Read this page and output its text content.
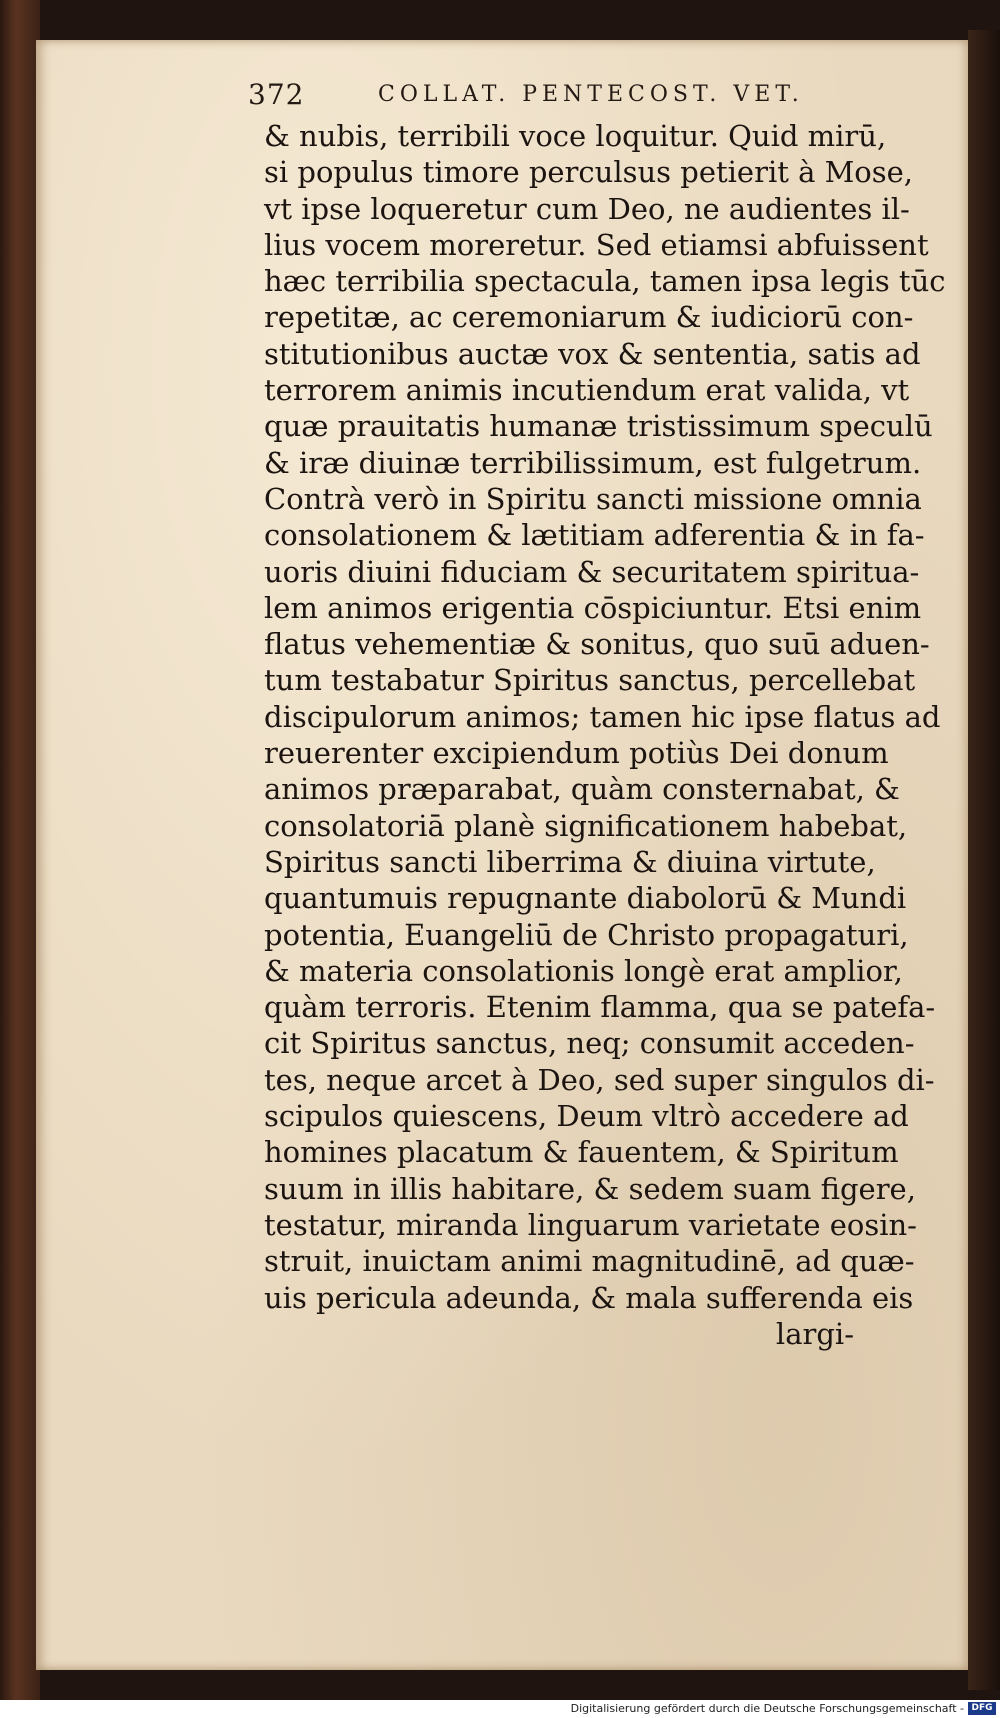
372	COLLAT. PENTECOST. VET.
& nubis, terribili voce loquitur. Quid mirū,
si populus timore perculsus petierit à Mose,
vt ipse loqueretur cum Deo, ne audientes il-
lius vocem moreretur. Sed etiamsi abfuissent
hæc terribilia spectacula, tamen ipsa legis tūc
repetitæ, ac ceremoniarum & iudiciorū con-
stitutionibus auctæ vox & sententia, satis ad
terrorem animis incutiendum erat valida, vt
quæ prauitatis humanæ tristissimum speculū
& iræ diuinæ terribilissimum, est fulgetrum.
Contrà verò in Spiritu sancti missione omnia
consolationem & lætitiam adferentia & in fa-
uoris diuini fiduciam & securitatem spiritua-
lem animos erigentia cōspiciuntur. Etsi enim
flatus vehementiæ & sonitus, quo suū aduen-
tum testabatur Spiritus sanctus, percellebat
discipulorum animos; tamen hic ipse flatus ad
reuerenter excipiendum potiùs Dei donum
animos præparabat, quàm consternabat, &
consolatoriā planè significationem habebat,
Spiritus sancti liberrima & diuina virtute,
quantumuis repugnante diabolorū & Mundi
potentia, Euangeliū de Christo propagaturi,
& materia consolationis longè erat amplior,
quàm terroris. Etenim flamma, qua se patefa-
cit Spiritus sanctus, neq; consumit acceden-
tes, neque arcet à Deo, sed super singulos di-
scipulos quiescens, Deum vltrò accedere ad
homines placatum & fauentem, & Spiritum
suum in illis habitare, & sedem suam figere,
testatur, miranda linguarum varietate eosin-
struit, inuictam animi magnitudinē, ad quæ-
uis pericula adeunda, & mala sufferenda eis
largi-
Digitalisierung gefördert durch die Deutsche Forschungsgemeinschaft - DFG
